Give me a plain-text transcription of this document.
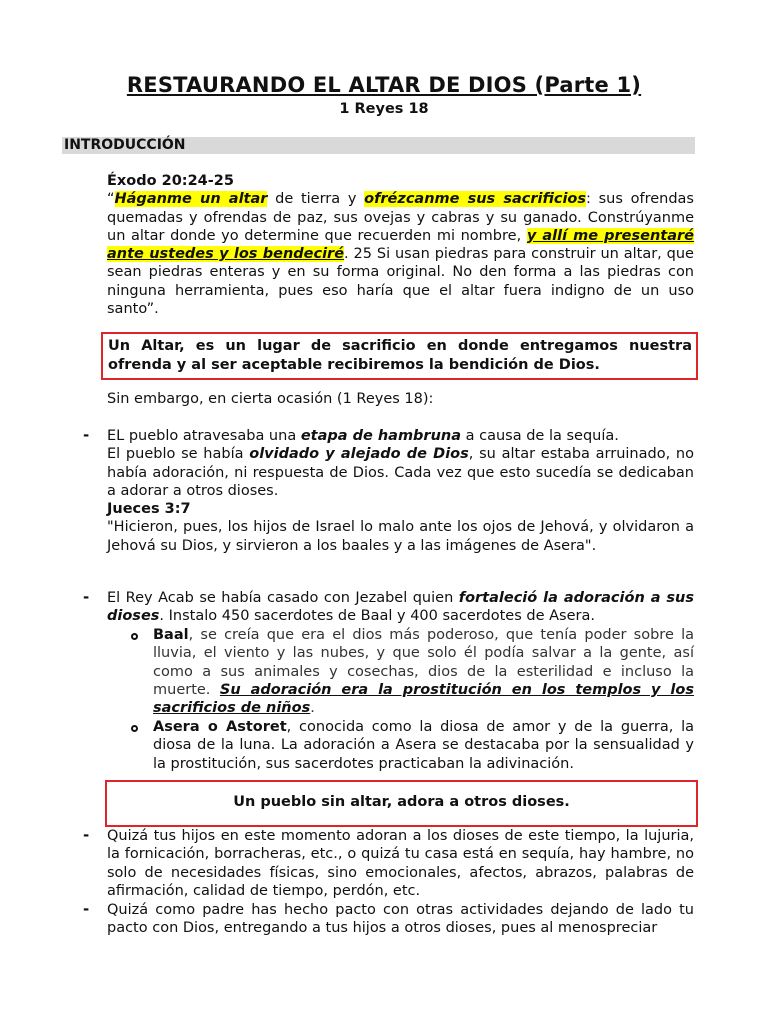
RESTAURANDO EL ALTAR DE DIOS (Parte 1)
1 Reyes 18
INTRODUCCIÓN
Éxodo 20:24-25
“Háganme un altar de tierra y ofrézcanme sus sacrificios: sus ofrendas quemadas y ofrendas de paz, sus ovejas y cabras y su ganado. Constrúyanme un altar donde yo determine que recuerden mi nombre, y allí me presentaré ante ustedes y los bendeciré. 25 Si usan piedras para construir un altar, que sean piedras enteras y en su forma original. No den forma a las piedras con ninguna herramienta, pues eso haría que el altar fuera indigno de un uso santo”.
Un Altar, es un lugar de sacrificio en donde entregamos nuestra ofrenda y al ser aceptable recibiremos la bendición de Dios.
Sin embargo, en cierta ocasión (1 Reyes 18):
- EL pueblo atravesaba una etapa de hambruna a causa de la sequía.
El pueblo se había olvidado y alejado de Dios, su altar estaba arruinado, no había adoración, ni respuesta de Dios. Cada vez que esto sucedía se dedicaban a adorar a otros dioses.
Jueces 3:7
"Hicieron, pues, los hijos de Israel lo malo ante los ojos de Jehová, y olvidaron a Jehová su Dios, y sirvieron a los baales y a las imágenes de Asera".
- El Rey Acab se había casado con Jezabel quien fortaleció la adoración a sus dioses. Instalo 450 sacerdotes de Baal y 400 sacerdotes de Asera.
Baal, se creía que era el dios más poderoso, que tenía poder sobre la lluvia, el viento y las nubes, y que solo él podía salvar a la gente, así como a sus animales y cosechas, dios de la esterilidad e incluso la muerte. Su adoración era la prostitución en los templos y los sacrificios de niños.
Asera o Astoret, conocida como la diosa de amor y de la guerra, la diosa de la luna. La adoración a Asera se destacaba por la sensualidad y la prostitución, sus sacerdotes practicaban la adivinación.
Un pueblo sin altar, adora a otros dioses.
- Quizá tus hijos en este momento adoran a los dioses de este tiempo, la lujuria, la fornicación, borracheras, etc., o quizá tu casa está en sequía, hay hambre, no solo de necesidades físicas, sino emocionales, afectos, abrazos, palabras de afirmación, calidad de tiempo, perdón, etc.
- Quizá como padre has hecho pacto con otras actividades dejando de lado tu pacto con Dios, entregando a tus hijos a otros dioses, pues al menospreciar
